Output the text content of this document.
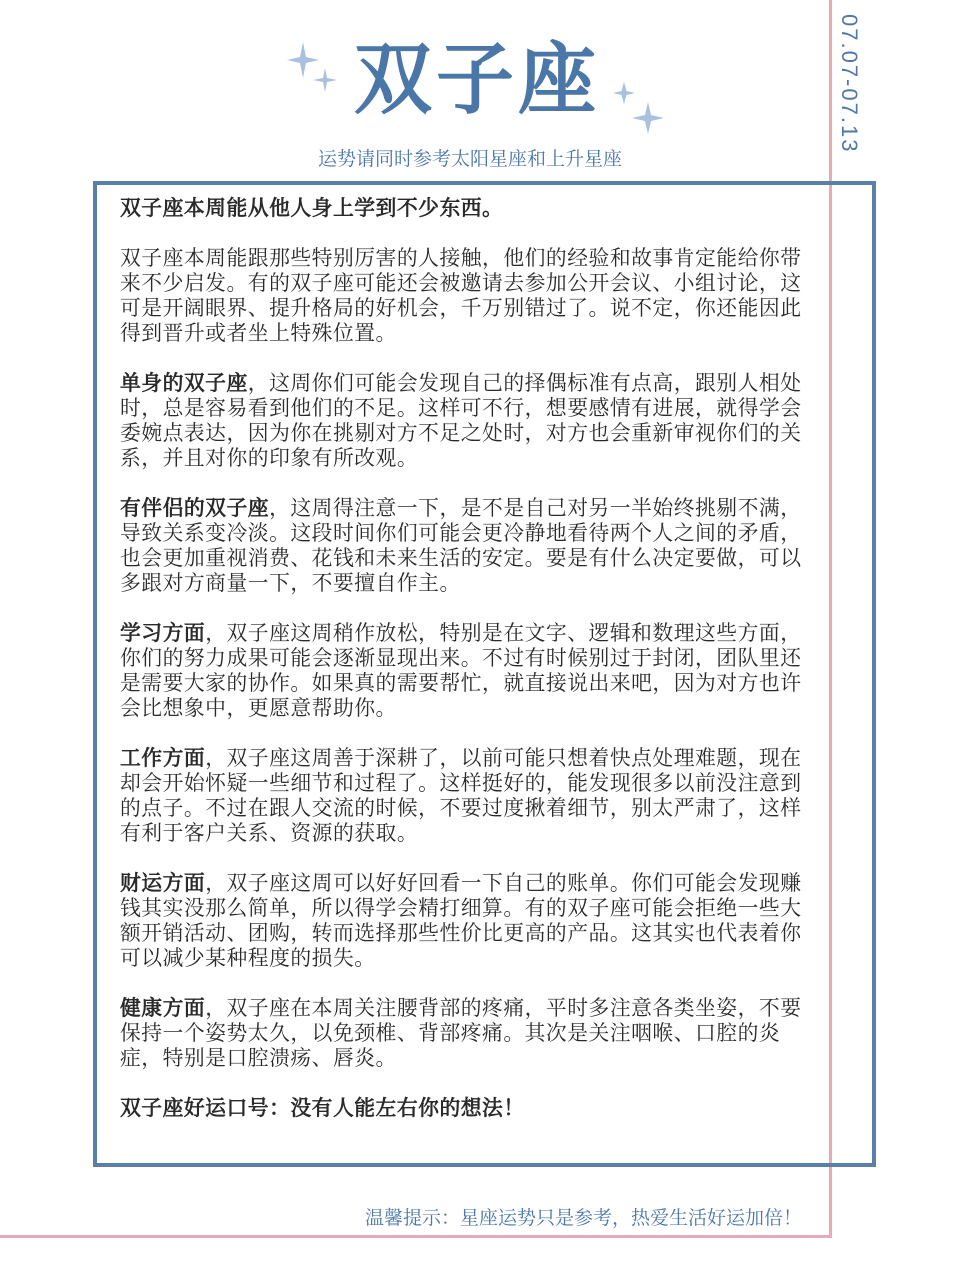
07.07-07.13
双子座
运势请同时参考太阳星座和上升星座

双子座本周能从他人身上学到不少东西。

双子座本周能跟那些特别厉害的人接触，他们的经验和故事肯定能给你带来不少启发。有的双子座可能还会被邀请去参加公开会议、小组讨论，这可是开阔眼界、提升格局的好机会，千万别错过了。说不定，你还能因此得到晋升或者坐上特殊位置。

单身的双子座，这周你们可能会发现自己的择偶标准有点高，跟别人相处时，总是容易看到他们的不足。这样可不行，想要感情有进展，就得学会委婉点表达，因为你在挑剔对方不足之处时，对方也会重新审视你们的关系，并且对你的印象有所改观。

有伴侣的双子座，这周得注意一下，是不是自己对另一半始终挑剔不满，导致关系变冷淡。这段时间你们可能会更冷静地看待两个人之间的矛盾，也会更加重视消费、花钱和未来生活的安定。要是有什么决定要做，可以多跟对方商量一下，不要擅自作主。

学习方面，双子座这周稍作放松，特别是在文字、逻辑和数理这些方面，你们的努力成果可能会逐渐显现出来。不过有时候别过于封闭，团队里还是需要大家的协作。如果真的需要帮忙，就直接说出来吧，因为对方也许会比想象中，更愿意帮助你。

工作方面，双子座这周善于深耕了，以前可能只想着快点处理难题，现在却会开始怀疑一些细节和过程了。这样挺好的，能发现很多以前没注意到的点子。不过在跟人交流的时候，不要过度揪着细节，别太严肃了，这样有利于客户关系、资源的获取。

财运方面，双子座这周可以好好回看一下自己的账单。你们可能会发现赚钱其实没那么简单，所以得学会精打细算。有的双子座可能会拒绝一些大额开销活动、团购，转而选择那些性价比更高的产品。这其实也代表着你可以减少某种程度的损失。

健康方面，双子座在本周关注腰背部的疼痛，平时多注意各类坐姿，不要保持一个姿势太久，以免颈椎、背部疼痛。其次是关注咽喉、口腔的炎症，特别是口腔溃疡、唇炎。

双子座好运口号：没有人能左右你的想法！

温馨提示：星座运势只是参考，热爱生活好运加倍！
